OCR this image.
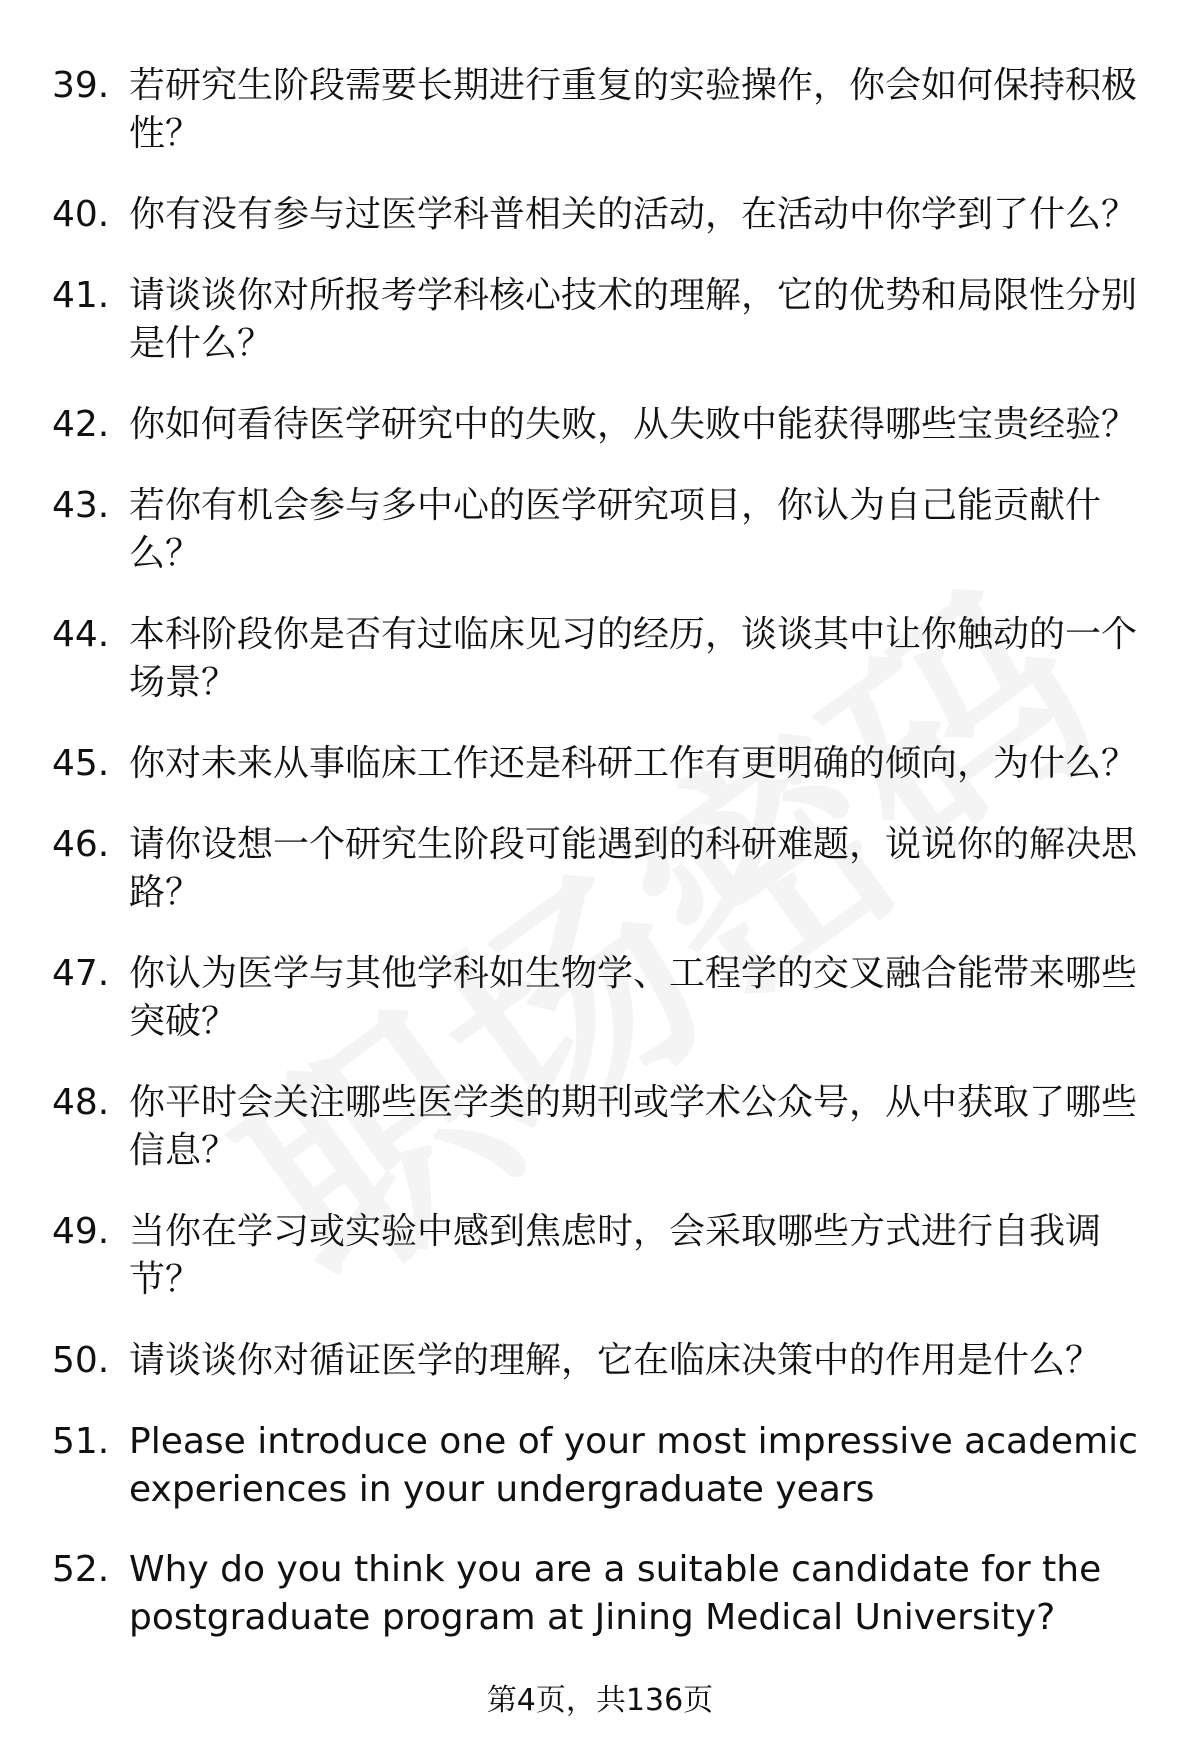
39. 若研究生阶段需要长期进行重复的实验操作，你会如何保持积极性？
40. 你有没有参与过医学科普相关的活动，在活动中你学到了什么？
41. 请谈谈你对所报考学科核心技术的理解，它的优势和局限性分别是什么？
42. 你如何看待医学研究中的失败，从失败中能获得哪些宝贵经验？
43. 若你有机会参与多中心的医学研究项目，你认为自己能贡献什么？
44. 本科阶段你是否有过临床见习的经历，谈谈其中让你触动的一个场景？
45. 你对未来从事临床工作还是科研工作有更明确的倾向，为什么？
46. 请你设想一个研究生阶段可能遇到的科研难题，说说你的解决思路？
47. 你认为医学与其他学科如生物学、工程学的交叉融合能带来哪些突破？
48. 你平时会关注哪些医学类的期刊或学术公众号，从中获取了哪些信息？
49. 当你在学习或实验中感到焦虑时，会采取哪些方式进行自我调节？
50. 请谈谈你对循证医学的理解，它在临床决策中的作用是什么？
51. Please introduce one of your most impressive academic experiences in your undergraduate years
52. Why do you think you are a suitable candidate for the postgraduate program at Jining Medical University?
第4页，共136页
